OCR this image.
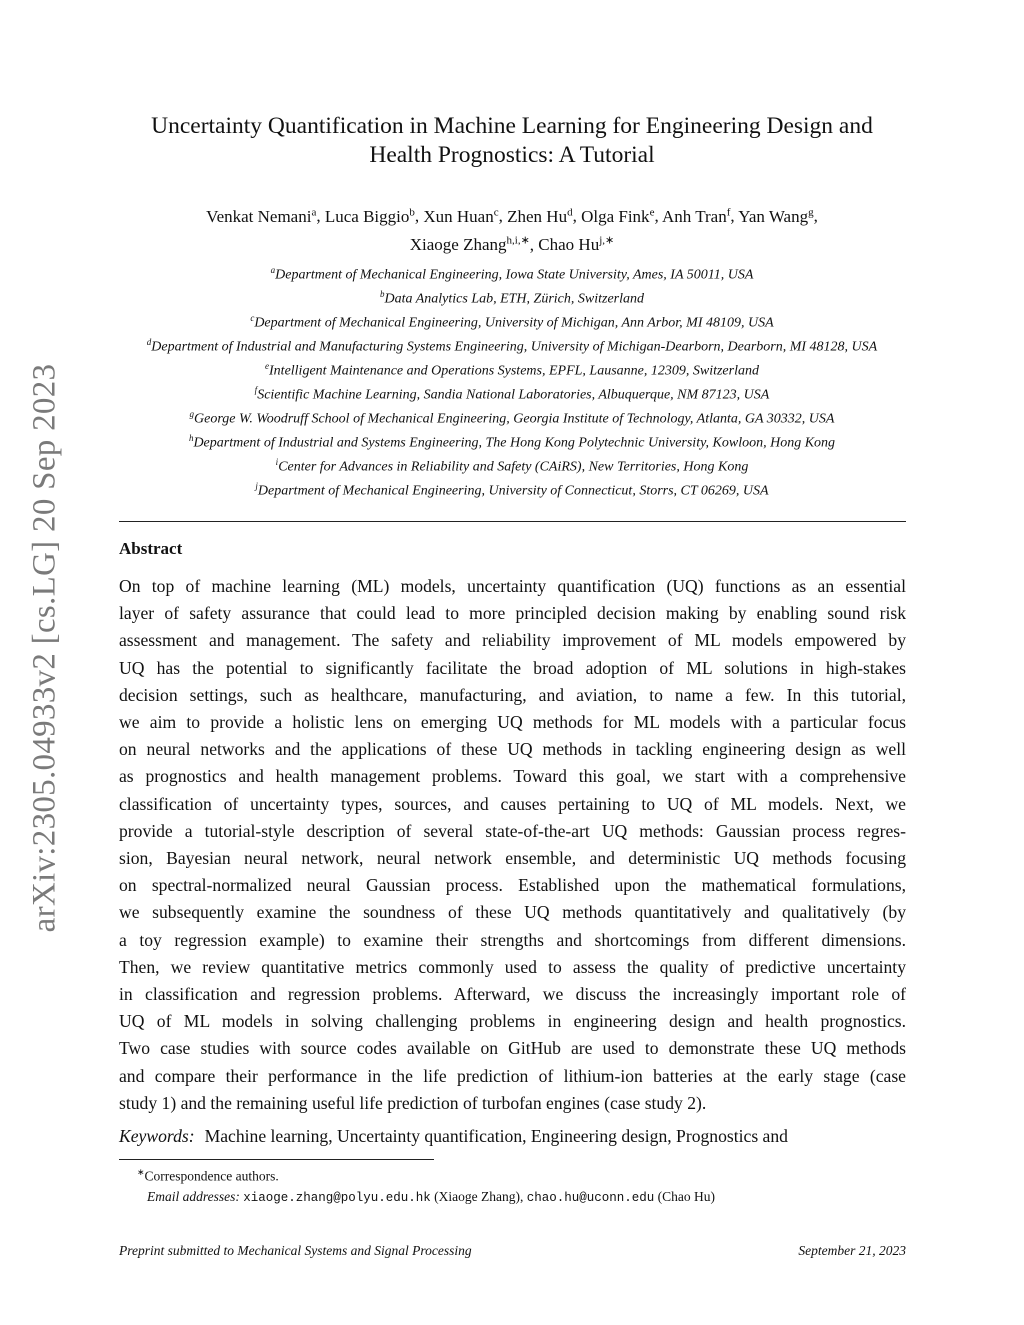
arXiv:2305.04933v2 [cs.LG] 20 Sep 2023
Uncertainty Quantification in Machine Learning for Engineering Design and
Health Prognostics: A Tutorial
Venkat Nemani$^a$, Luca Biggio$^b$, Xun Huan$^c$, Zhen Hu$^d$, Olga Fink$^e$, Anh Tran$^f$, Yan Wang$^g$,
Xiaoge Zhang$^{h,i,∗}$, Chao $Hu^{j,∗}$
$^a$Department of Mechanical Engineering, Iowa State University, Ames, IA 50011, USA
$^b$Data Analytics Lab, ETH, Zürich, Switzerland
$^c$Department of Mechanical Engineering, University of Michigan, Ann Arbor, MI 48109, USA
$^d$Department of Industrial and Manufacturing Systems Engineering, University of Michigan-Dearborn, Dearborn, MI 48128, USA
$^e$Intelligent Maintenance and Operations Systems, EPFL, Lausanne, 12309, Switzerland
$^f$Scientific Machine Learning, Sandia National Laboratories, Albuquerque, NM 87123, USA
$^g$George W. Woodruff School of Mechanical Engineering, Georgia Institute of Technology, Atlanta, GA 30332, USA
$^h$Department of Industrial and Systems Engineering, The Hong Kong Polytechnic University, Kowloon, Hong Kong
$^i$Center for Advances in Reliability and Safety (CAiRS), New Territories, Hong Kong
$^j$Department of Mechanical Engineering, University of Connecticut, Storrs, CT 06269, USA
Abstract
On top of machine learning (ML) models, uncertainty quantification (UQ) functions as an essential
layer of safety assurance that could lead to more principled decision making by enabling sound risk
assessment and management. The safety and reliability improvement of ML models empowered by
UQ has the potential to significantly facilitate the broad adoption of ML solutions in high-stakes
decision settings, such as healthcare, manufacturing, and aviation, to name a few. In this tutorial,
we aim to provide a holistic lens on emerging UQ methods for ML models with a particular focus
on neural networks and the applications of these UQ methods in tackling engineering design as well
as prognostics and health management problems. Toward this goal, we start with a comprehensive
classification of uncertainty types, sources, and causes pertaining to UQ of ML models. Next, we
provide a tutorial-style description of several state-of-the-art UQ methods: Gaussian process regres-
sion, Bayesian neural network, neural network ensemble, and deterministic UQ methods focusing
on spectral-normalized neural Gaussian process. Established upon the mathematical formulations,
we subsequently examine the soundness of these UQ methods quantitatively and qualitatively (by
a toy regression example) to examine their strengths and shortcomings from different dimensions.
Then, we review quantitative metrics commonly used to assess the quality of predictive uncertainty
in classification and regression problems. Afterward, we discuss the increasingly important role of
UQ of ML models in solving challenging problems in engineering design and health prognostics.
Two case studies with source codes available on GitHub are used to demonstrate these UQ methods
and compare their performance in the life prediction of lithium-ion batteries at the early stage (case
study 1) and the remaining useful life prediction of turbofan engines (case study 2).
Keywords: Machine learning, Uncertainty quantification, Engineering design, Prognostics and
∗Correspondence authors.
Email addresses: xiaoge.zhang@polyu.edu.hk (Xiaoge Zhang), chao.hu@uconn.edu (Chao Hu)
Preprint submitted to Mechanical Systems and Signal Processing	September 21, 2023
